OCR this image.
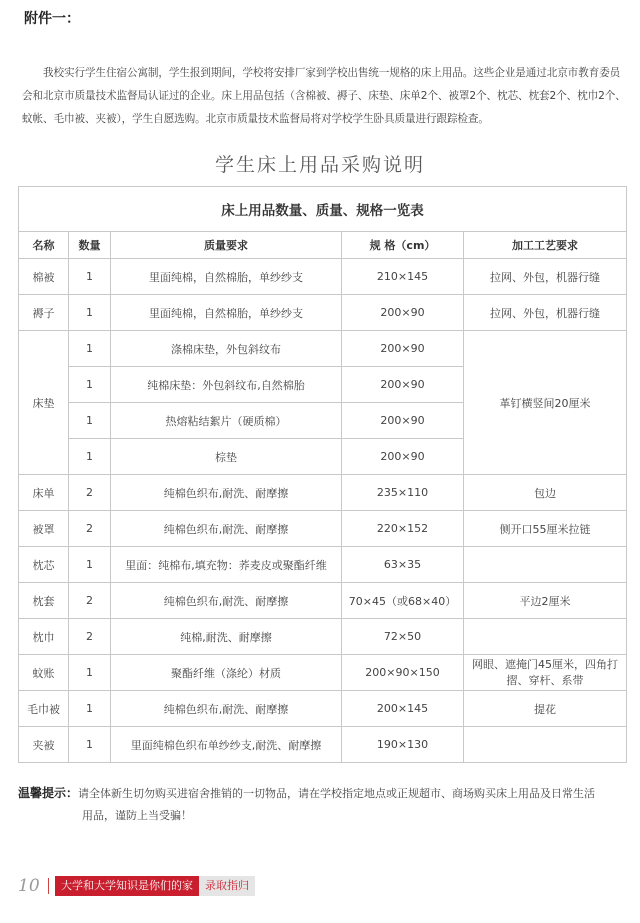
附件一：
我校实行学生住宿公寓制，学生报到期间，学校将安排厂家到学校出售统一规格的床上用品。这些企业是通过北京市教育委员会和北京市质量技术监督局认证过的企业。床上用品包括（含棉被、褥子、床垫、床单2个、被罩2个、枕芯、枕套2个、枕巾2个、蚊帐、毛巾被、夹被），学生自愿选购。北京市质量技术监督局将对学校学生卧具质量进行跟踪检查。
学生床上用品采购说明
床上用品数量、质量、规格一览表				
名称	数量	质量要求	规 格（cm）	加工工艺要求
棉被	1	里面纯棉，自然棉胎，单纱纱支	210×145	拉网、外包，机器行缝
褥子	1	里面纯棉，自然棉胎，单纱纱支	200×90	拉网、外包，机器行缝
床垫	1	涤棉床垫，外包斜纹布	200×90	革钉横竖间20厘米
	1	纯棉床垫：外包斜纹布,自然棉胎	200×90	
	1	热熔粘结絮片（硬质棉）	200×90	
	1	棕垫	200×90	
床单	2	纯棉色织布,耐洗、耐摩擦	235×110	包边
被罩	2	纯棉色织布,耐洗、耐摩擦	220×152	侧开口55厘米拉链
枕芯	1	里面：纯棉布,填充物：荞麦皮或聚酯纤维	63×35	
枕套	2	纯棉色织布,耐洗、耐摩擦	70×45（或68×40）	平边2厘米
枕巾	2	纯棉,耐洗、耐摩擦	72×50	
蚊账	1	聚酯纤维（涤纶）材质	200×90×150	网眼、遮掩门45厘米，四角打摺、穿杆、系带
毛巾被	1	纯棉色织布,耐洗、耐摩擦	200×145	提花
夹被	1	里面纯棉色织布单纱纱支,耐洗、耐摩擦	190×130	
温馨提示：请全体新生切勿购买进宿舍推销的一切物品，请在学校指定地点或正规超市、商场购买床上用品及日常生活
用品，谨防上当受骗！
10	大学和大学知识是你们的家	录取指归
